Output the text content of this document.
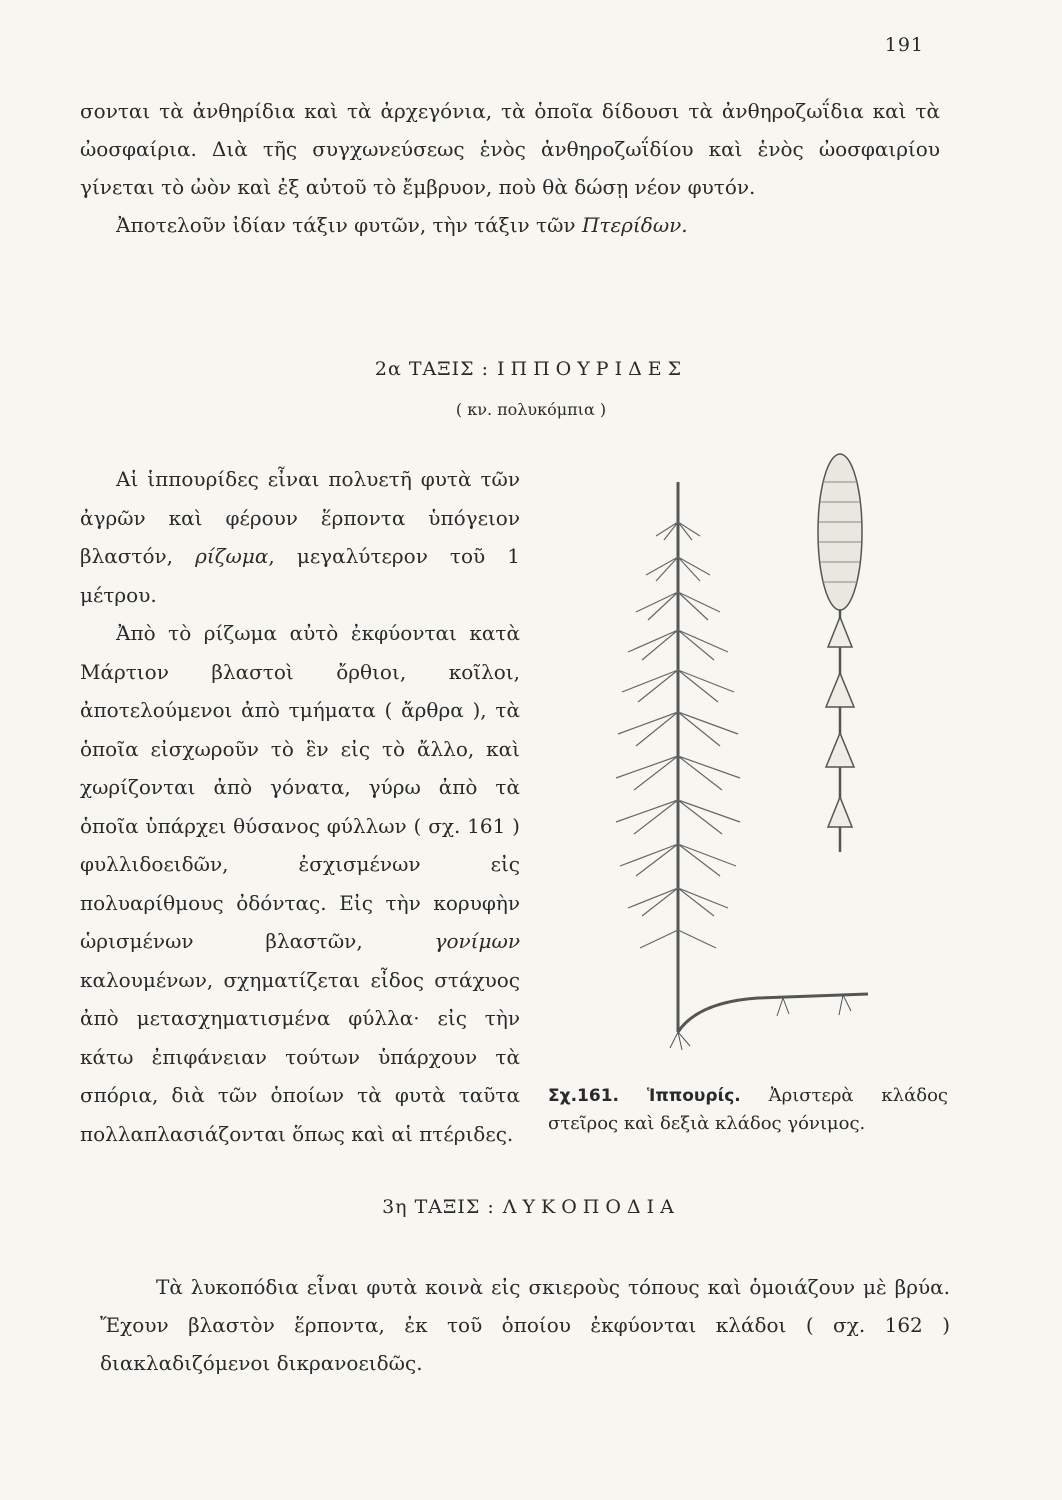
191

σονται τὰ ἀνθηρίδια καὶ τὰ ἀρχεγόνια, τὰ ὁποῖα δίδουσι τὰ ἀνθηροζωΐδια καὶ τὰ ὠοσφαίρια. Διὰ τῆς συγχωνεύσεως ἑνὸς ἀνθηροζωΐδίου καὶ ἑνὸς ὠοσφαιρίου γίνεται τὸ ὠὸν καὶ ἐξ αὐτοῦ τὸ ἔμβρυον, ποὺ θὰ δώσῃ νέον φυτόν.

Ἀποτελοῦν ἰδίαν τάξιν φυτῶν, τὴν τάξιν τῶν Πτερίδων.

2α ΤΑΞΙΣ : ΙΠΠΟΥΡΙΔΕΣ
( κν. πολυκόμπια )

Αἱ ἱππουρίδες εἶναι πολυετῆ φυτὰ τῶν ἀγρῶν καὶ φέρουν ἕρποντα ὑπόγειον βλαστόν, ρίζωμα, μεγαλύτερον τοῦ 1 μέτρου.

Ἀπὸ τὸ ρίζωμα αὐτὸ ἐκφύονται κατὰ Μάρτιον βλαστοὶ ὄρθιοι, κοῖλοι, ἀποτελούμενοι ἀπὸ τμήματα ( ἄρθρα ), τὰ ὁποῖα εἰσχωροῦν τὸ ἓν εἰς τὸ ἄλλο, καὶ χωρίζονται ἀπὸ γόνατα, γύρω ἀπὸ τὰ ὁποῖα ὑπάρχει θύσανος φύλλων ( σχ. 161 ) φυλλιδοειδῶν, ἐσχισμένων εἰς πολυαρίθμους ὀδόντας. Εἰς τὴν κορυφὴν ὡρισμένων βλαστῶν, γονίμων καλουμένων, σχηματίζεται εἶδος στάχυος ἀπὸ μετασχηματισμένα φύλλα· εἰς τὴν κάτω ἐπιφάνειαν τούτων ὑπάρχουν τὰ σπόρια, διὰ τῶν ὁποίων τὰ φυτὰ ταῦτα πολλαπλασιάζονται ὅπως καὶ αἱ πτέριδες.

Σχ.161. Ἱππουρίς. Ἀριστερὰ κλάδος στεῖρος καὶ δεξιὰ κλάδος γόνιμος.
3η ΤΑΞΙΣ : ΛΥΚΟΠΟΔΙΑ

Τὰ λυκοπόδια εἶναι φυτὰ κοινὰ εἰς σκιεροὺς τόπους καὶ ὁμοιάζουν μὲ βρύα. Ἔχουν βλαστὸν ἕρποντα, ἐκ τοῦ ὁποίου ἐκφύονται κλάδοι ( σχ. 162 ) διακλαδιζόμενοι δικρανοειδῶς.
